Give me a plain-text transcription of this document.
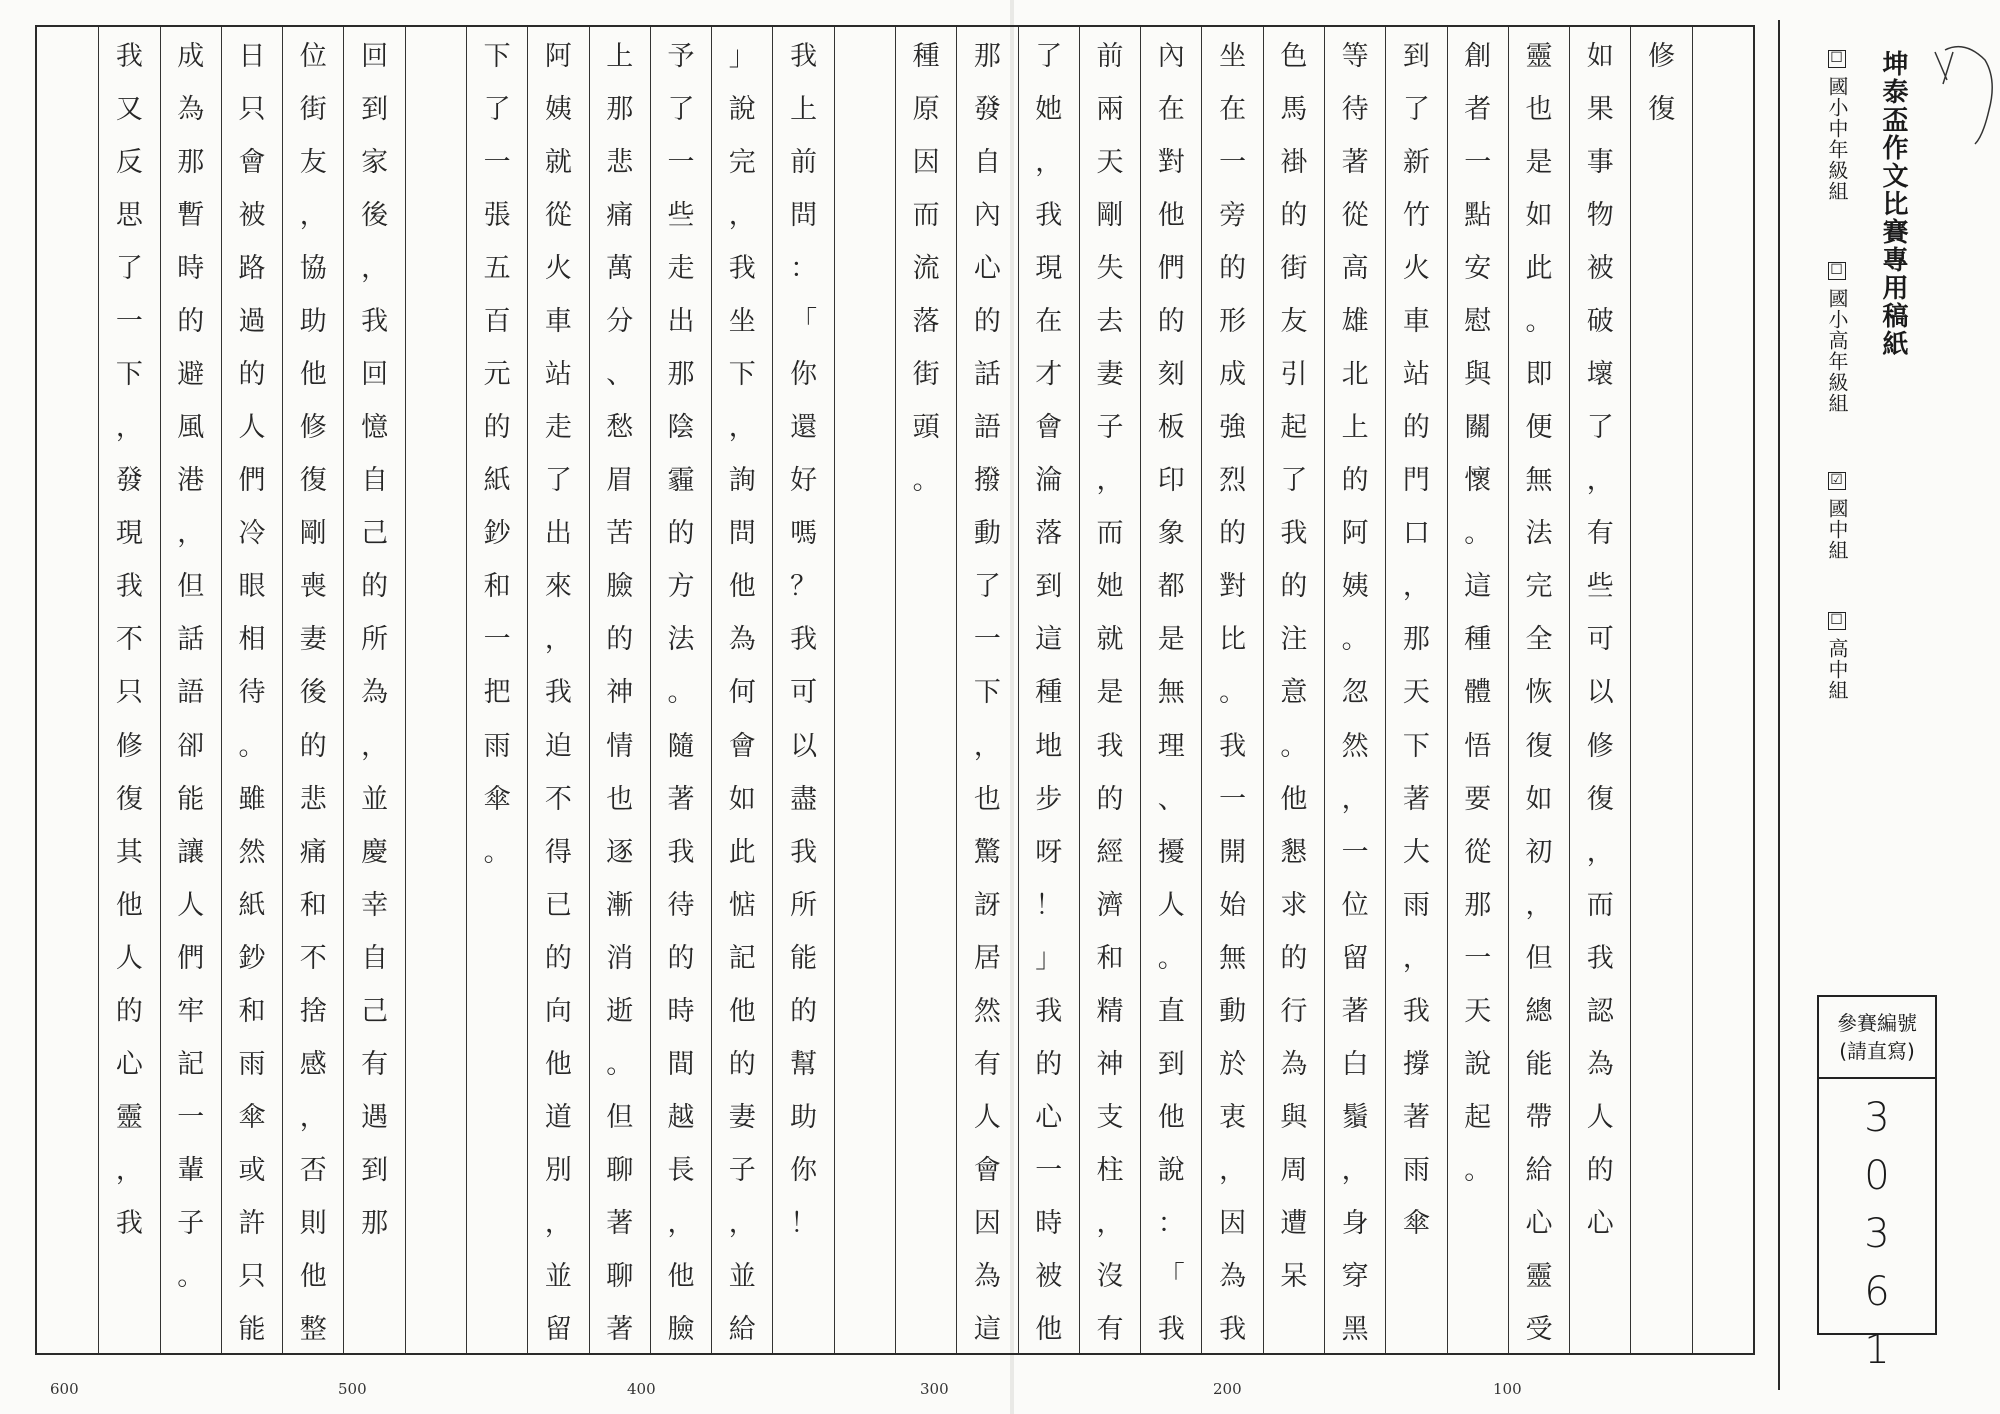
修
復
如
果
事
物
被
破
壞
了
，
有
些
可
以
修
復
，
而
我
認
為
人
的
心
靈
也
是
如
此
。
即
便
無
法
完
全
恢
復
如
初
，
但
總
能
帶
給
心
靈
受
創
者
一
點
安
慰
與
關
懷
。
這
種
體
悟
要
從
那
一
天
說
起
。
到
了
新
竹
火
車
站
的
門
口
，
那
天
下
著
大
雨
，
我
撐
著
雨
傘
等
待
著
從
高
雄
北
上
的
阿
姨
。
忽
然
，
一
位
留
著
白
鬚
，
身
穿
黑
色
馬
褂
的
街
友
引
起
了
我
的
注
意
。
他
懇
求
的
行
為
與
周
遭
呆
坐
在
一
旁
的
形
成
強
烈
的
對
比
。
我
一
開
始
無
動
於
衷
，
因
為
我
內
在
對
他
們
的
刻
板
印
象
都
是
無
理
、
擾
人
。
直
到
他
說
：
「
我
前
兩
天
剛
失
去
妻
子
，
而
她
就
是
我
的
經
濟
和
精
神
支
柱
，
沒
有
了
她
，
我
現
在
才
會
淪
落
到
這
種
地
步
呀
！
」
我
的
心
一
時
被
他
那
發
自
內
心
的
話
語
撥
動
了
一
下
，
也
驚
訝
居
然
有
人
會
因
為
這
種
原
因
而
流
落
街
頭
。
我
上
前
問
：
「
你
還
好
嗎
？
我
可
以
盡
我
所
能
的
幫
助
你
！
」
說
完
，
我
坐
下
，
詢
問
他
為
何
會
如
此
惦
記
他
的
妻
子
，
並
給
予
了
一
些
走
出
那
陰
霾
的
方
法
。
隨
著
我
待
的
時
間
越
長
，
他
臉
上
那
悲
痛
萬
分
、
愁
眉
苦
臉
的
神
情
也
逐
漸
消
逝
。
但
聊
著
聊
著
阿
姨
就
從
火
車
站
走
了
出
來
，
我
迫
不
得
已
的
向
他
道
別
，
並
留
下
了
一
張
五
百
元
的
紙
鈔
和
一
把
雨
傘
。
回
到
家
後
，
我
回
憶
自
己
的
所
為
，
並
慶
幸
自
己
有
遇
到
那
位
街
友
，
協
助
他
修
復
剛
喪
妻
後
的
悲
痛
和
不
捨
感
，
否
則
他
整
日
只
會
被
路
過
的
人
們
冷
眼
相
待
。
雖
然
紙
鈔
和
雨
傘
或
許
只
能
成
為
那
暫
時
的
避
風
港
，
但
話
語
卻
能
讓
人
們
牢
記
一
輩
子
。
我
又
反
思
了
一
下
，
發
現
我
不
只
修
復
其
他
人
的
心
靈
，
我
100
200
300
400
500
600
坤泰盃作文比賽專用稿紙
☐國小中年級組
☐國小高年級組
☑國中組
☐高中組
參賽編號
(請直寫)
3
0
3
6
1
